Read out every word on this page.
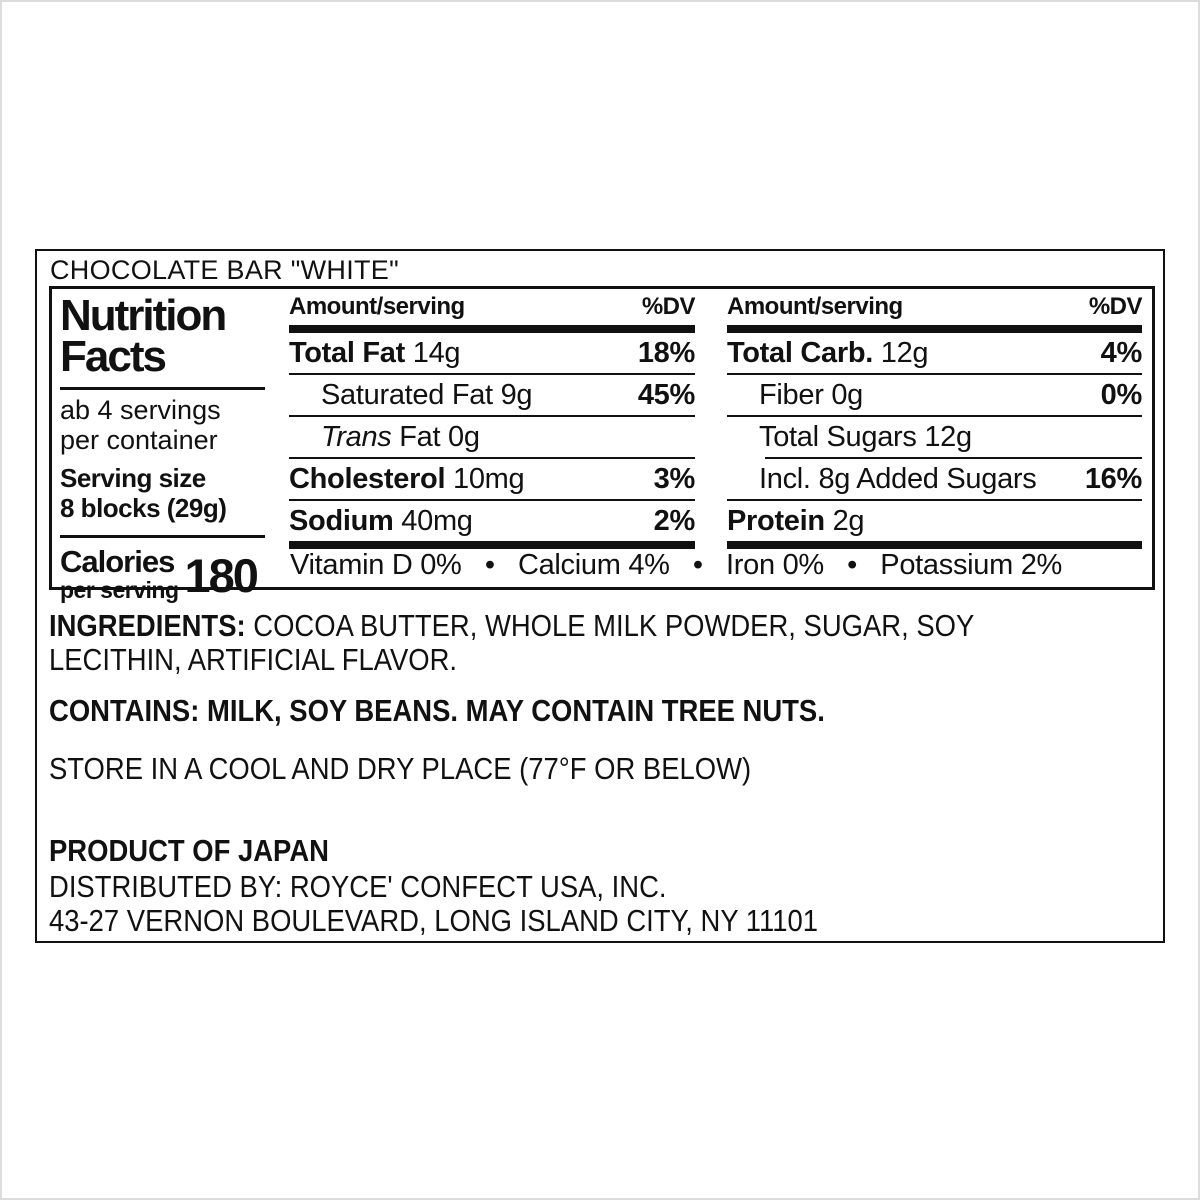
CHOCOLATE BAR "WHITE"
Nutrition
Facts
ab 4 servings
per container
Serving size
8 blocks (29g)
Calories
per serving 180
Amount/serving	%DV
Total Fat 14g	18%
Saturated Fat 9g	45%
Trans Fat 0g
Cholesterol 10mg	3%
Sodium 40mg	2%
Amount/serving	%DV
Total Carb. 12g	4%
Fiber 0g	0%
Total Sugars 12g
Incl. 8g Added Sugars 16%
Protein 2g
Vitamin D 0%   •   Calcium 4%   •   Iron 0%   •   Potassium 2%
INGREDIENTS: COCOA BUTTER, WHOLE MILK POWDER, SUGAR, SOY
LECITHIN, ARTIFICIAL FLAVOR.
CONTAINS: MILK, SOY BEANS. MAY CONTAIN TREE NUTS.
STORE IN A COOL AND DRY PLACE (77°F OR BELOW)
PRODUCT OF JAPAN
DISTRIBUTED BY: ROYCE' CONFECT USA, INC.
43-27 VERNON BOULEVARD, LONG ISLAND CITY, NY 11101
